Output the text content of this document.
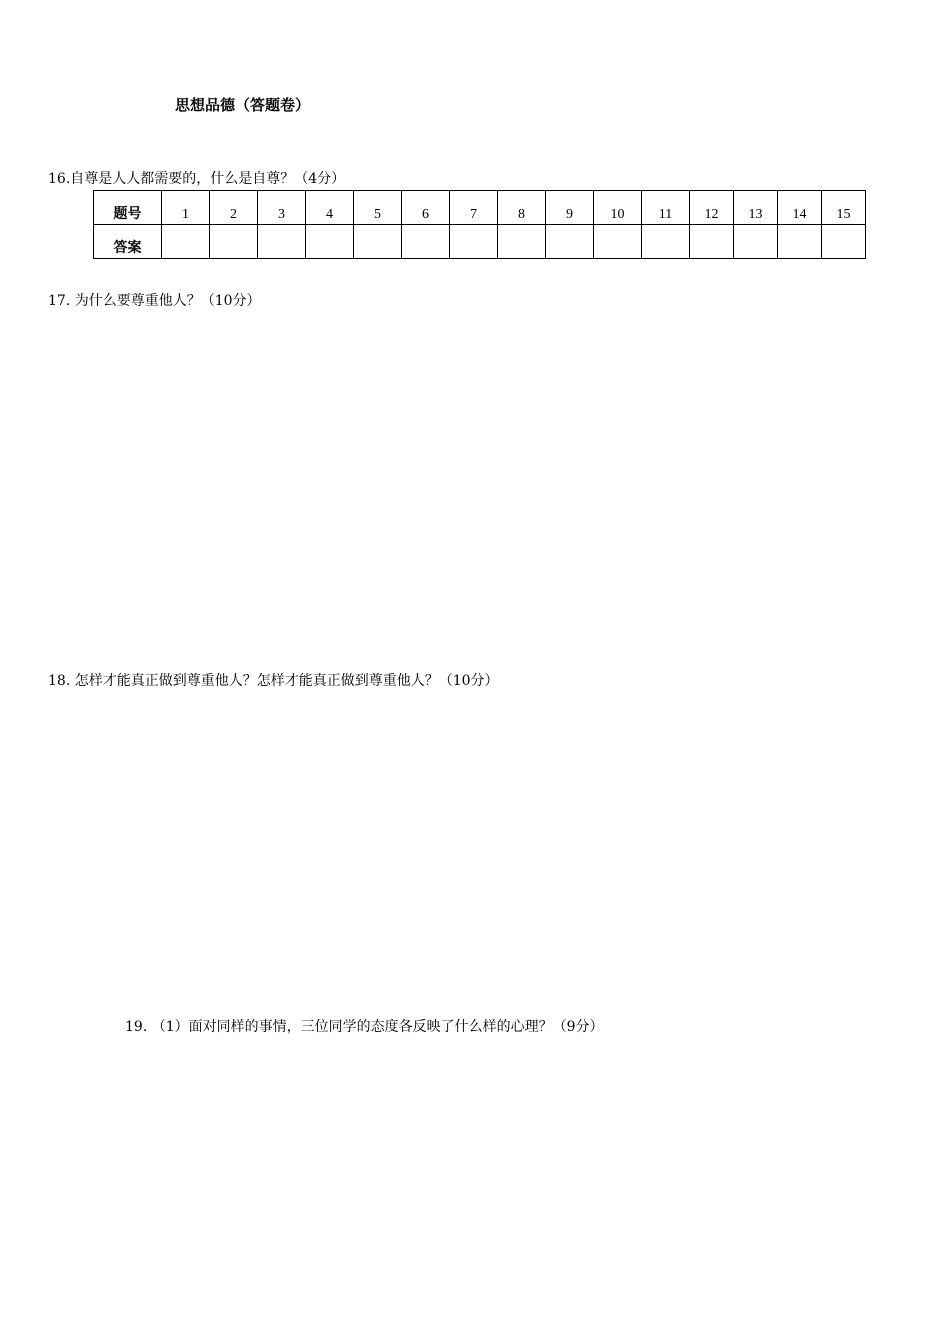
思想品德（答题卷）
16.自尊是人人都需要的，什么是自尊？（4分）
题号	1	2	3	4	5	6	7	8	9	10	11	12	13	14	15
答案															
17. 为什么要尊重他人？（10分）
18. 怎样才能真正做到尊重他人？怎样才能真正做到尊重他人？（10分）
19. （1）面对同样的事情，三位同学的态度各反映了什么样的心理？（9分）
